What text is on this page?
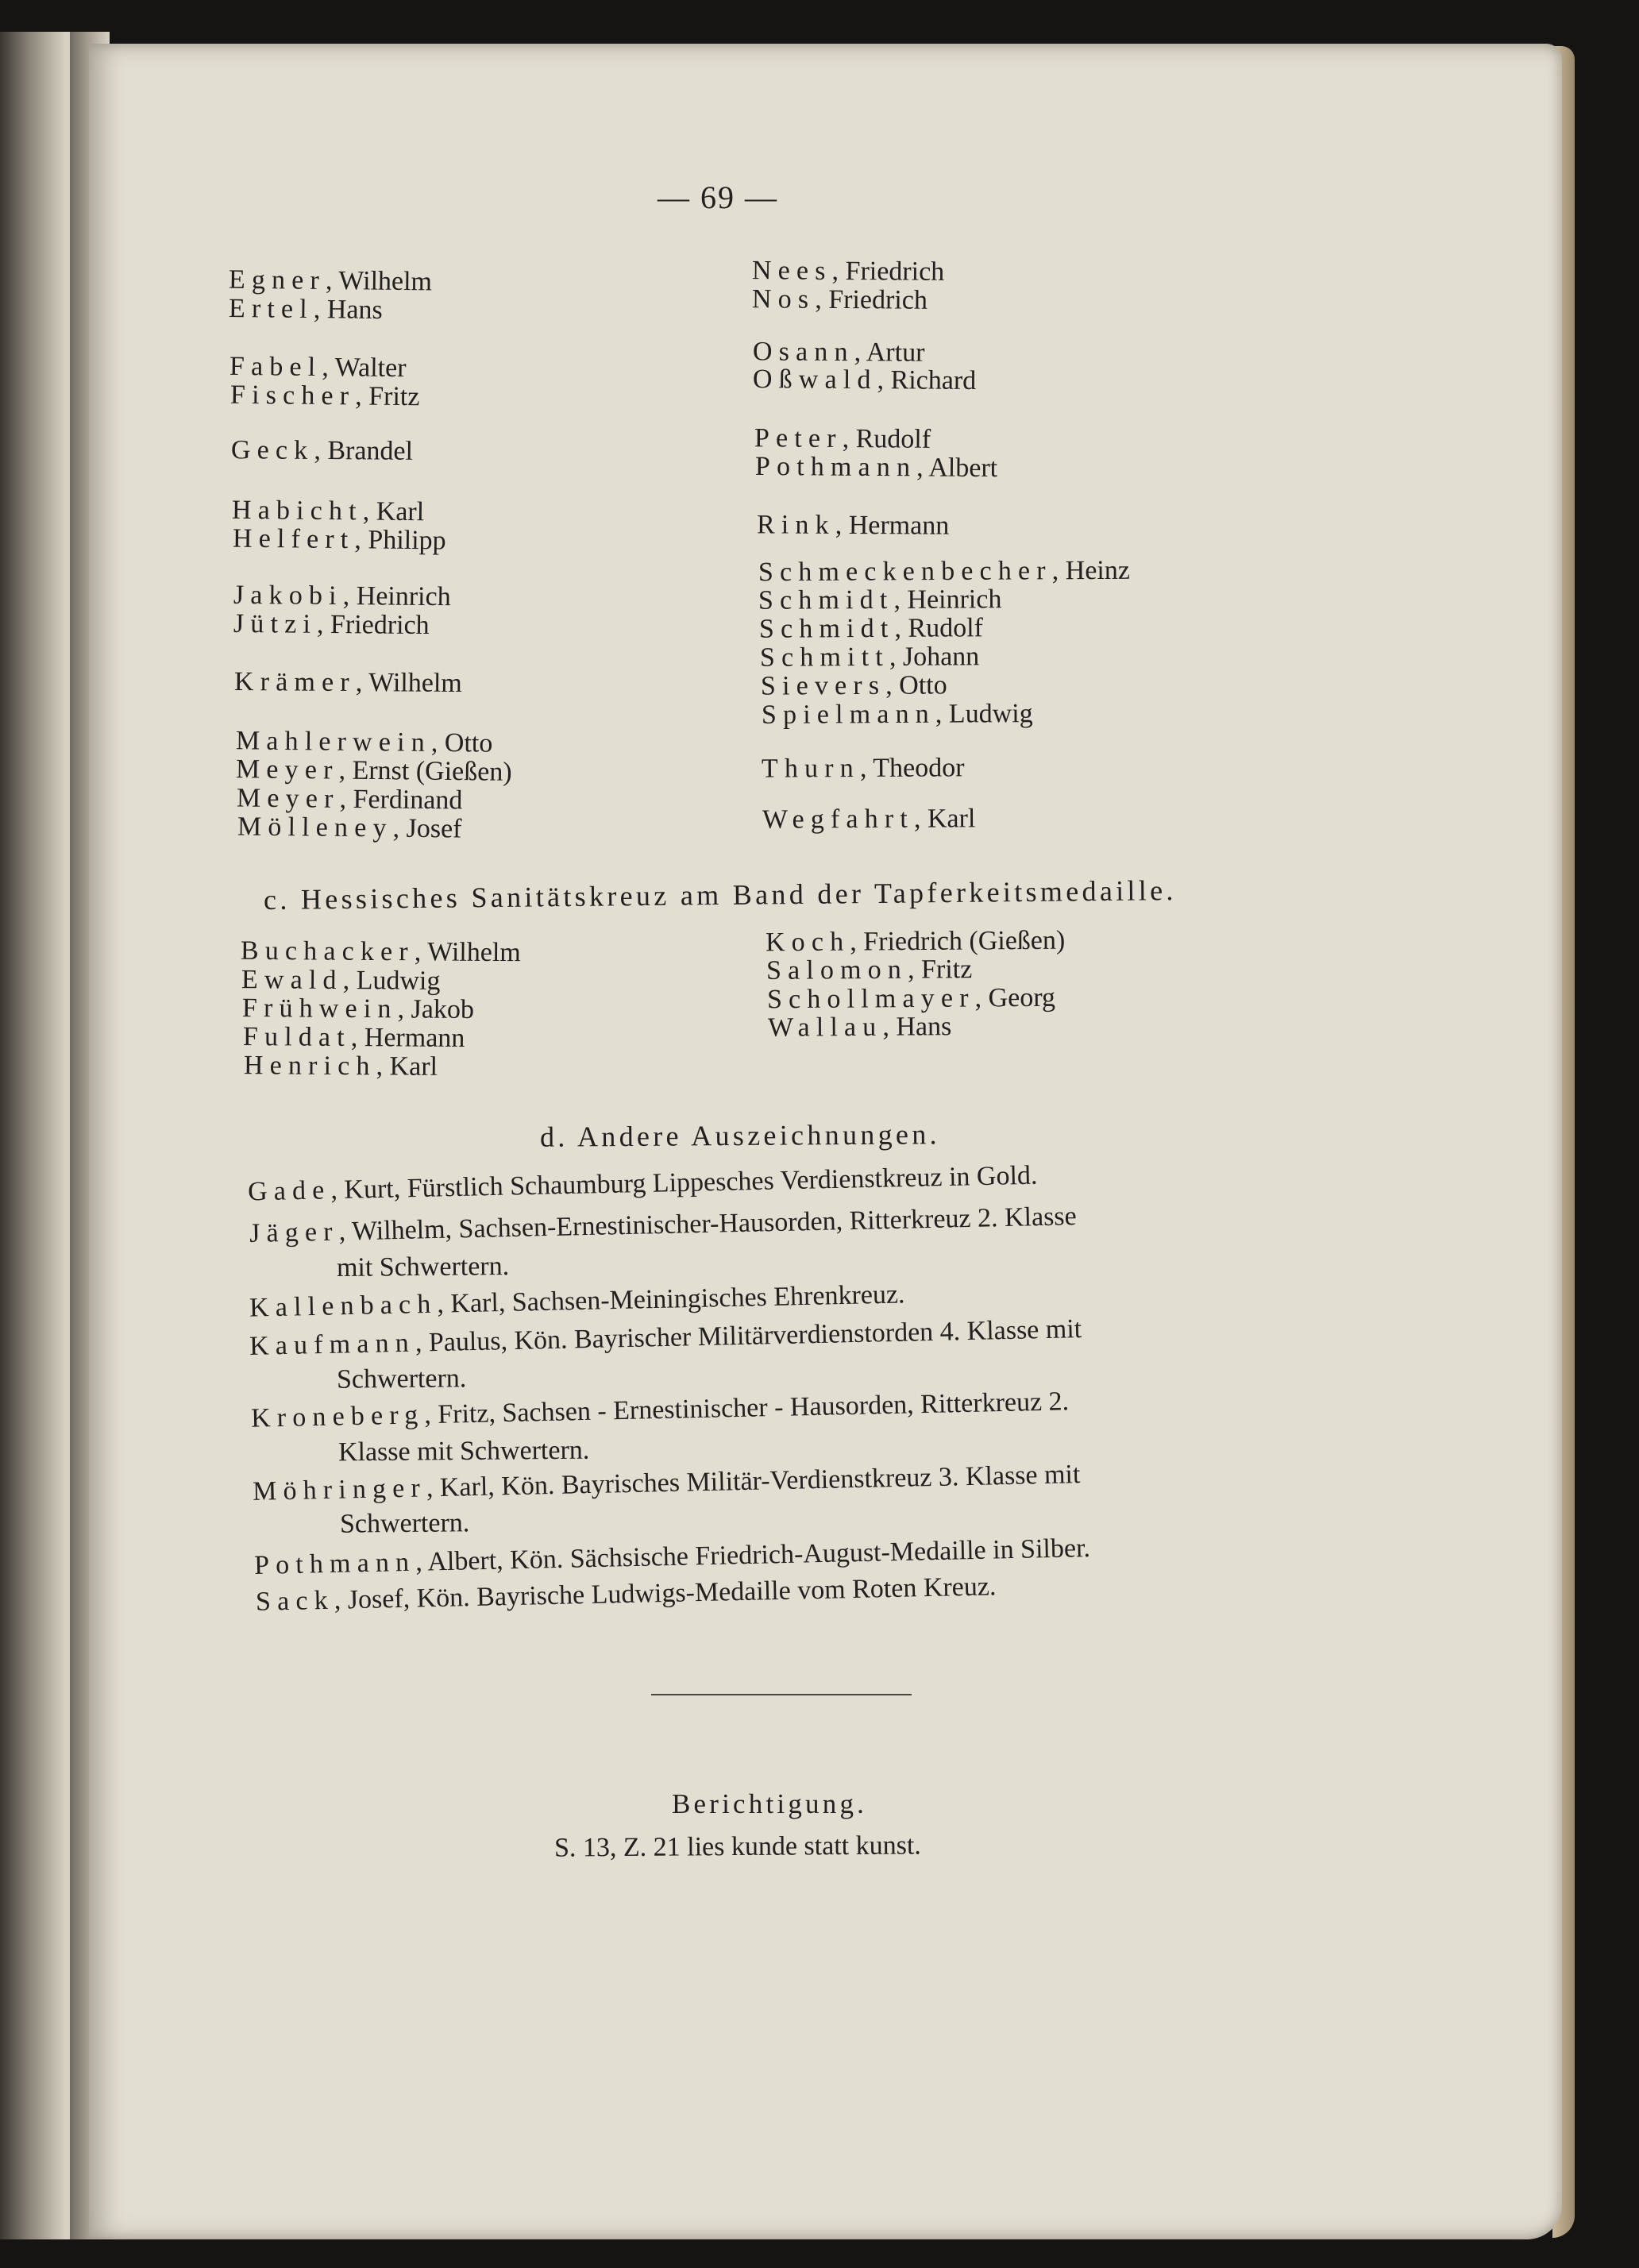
— 69 —
Egner, Wilhelm
Ertel, Hans
Fabel, Walter
Fischer, Fritz
Geck, Brandel
Habicht, Karl
Helfert, Philipp
Jakobi, Heinrich
Jützi, Friedrich
Krämer, Wilhelm
Mahlerwein, Otto
Meyer, Ernst (Gießen)
Meyer, Ferdinand
Mölleney, Josef
Nees, Friedrich
Nos, Friedrich
Osann, Artur
Oßwald, Richard
Peter, Rudolf
Pothmann, Albert
Rink, Hermann
Schmeckenbecher, Heinz
Schmidt, Heinrich
Schmidt, Rudolf
Schmitt, Johann
Sievers, Otto
Spielmann, Ludwig
Thurn, Theodor
Wegfahrt, Karl
c. Hessisches Sanitätskreuz am Band der Tapferkeitsmedaille.
Buchacker, Wilhelm
Ewald, Ludwig
Frühwein, Jakob
Fuldat, Hermann
Henrich, Karl
Koch, Friedrich (Gießen)
Salomon, Fritz
Schollmayer, Georg
Wallau, Hans
d. Andere Auszeichnungen.
Gade, Kurt, Fürstlich Schaumburg Lippesches Verdienstkreuz in Gold.
Jäger, Wilhelm, Sachsen-Ernestinischer-Hausorden, Ritterkreuz 2. Klasse
mit Schwertern.
Kallenbach, Karl, Sachsen-Meiningisches Ehrenkreuz.
Kaufmann, Paulus, Kön. Bayrischer Militärverdienstorden 4. Klasse mit
Schwertern.
Kroneberg, Fritz, Sachsen - Ernestinischer - Hausorden, Ritterkreuz 2.
Klasse mit Schwertern.
Möhringer, Karl, Kön. Bayrisches Militär-Verdienstkreuz 3. Klasse mit
Schwertern.
Pothmann, Albert, Kön. Sächsische Friedrich-August-Medaille in Silber.
Sack, Josef, Kön. Bayrische Ludwigs-Medaille vom Roten Kreuz.
Berichtigung.
S. 13, Z. 21 lies kunde statt kunst.
